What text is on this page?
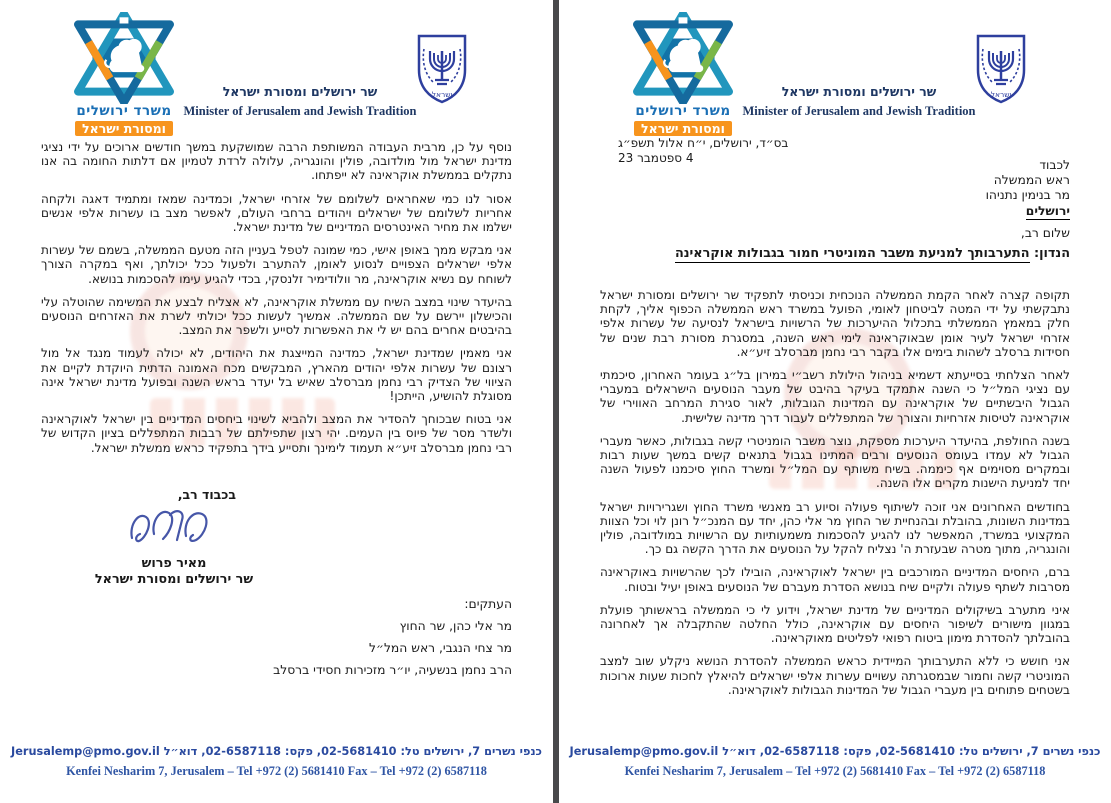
משרד ירושלים
ומסורת ישראל
שר ירושלים ומסורת ישראל
Minister of Jerusalem and Jewish Tradition
ישראל

נוסף על כן, מרבית העבודה המשותפת הרבה שמושקעת במשך חודשים ארוכים על ידי נציגי מדינת ישראל מול מולדובה, פולין והונגריה, עלולה לרדת לטמיון אם דלתות החומה בה אנו נתקלים בממשלת אוקראינה לא ייפתחו.

אסור לנו כמי שאחראים לשלומם של אזרחי ישראל, וכמדינה שמאז ומתמיד דאגה ולקחה אחריות לשלומם של ישראלים ויהודים ברחבי העולם, לאפשר מצב בו עשרות אלפי אנשים ישלמו את מחיר האינטרסים המדיניים של מדינת ישראל.

אני מבקש ממך באופן אישי, כמי שמונה לטפל בעניין הזה מטעם הממשלה, בשמם של עשרות אלפי ישראלים הצפויים לנסוע לאומן, להתערב ולפעול ככל יכולתך, ואף במקרה הצורך לשוחח עם נשיא אוקראינה, מר וולודימיר זלנסקי, בכדי להגיע עימו להסכמות בנושא.

בהיעדר שינוי במצב השיח עם ממשלת אוקראינה, לא אצליח לבצע את המשימה שהוטלה עלי והכישלון יירשם על שם הממשלה. אמשיך לעשות ככל יכולתי לשרת את האזרחים הנוסעים בהיבטים אחרים בהם יש לי את האפשרות לסייע ולשפר את המצב.

אני מאמין שמדינת ישראל, כמדינה המייצגת את היהודים, לא יכולה לעמוד מנגד אל מול רצונם של עשרות אלפי יהודים מהארץ, המבקשים מכח האמונה הדתית היוקדת לקיים את הציווי של הצדיק רבי נחמן מברסלב שאיש בל יעדר בראש השנה ובפועל מדינת ישראל אינה מסוגלת להושיע, הייתכן!

אני בטוח שבכוחך להסדיר את המצב ולהביא לשינוי ביחסים המדיניים בין ישראל לאוקראינה ולשדר מסר של פיוס בין העמים. יהי רצון שתפילתם של רבבות המתפללים בציון הקדוש של רבי נחמן מברסלב זיע״א תעמוד לימינך ותסייע בידך בתפקיד כראש ממשלת ישראל.

בכבוד רב,
מאיר פרוש
שר ירושלים ומסורת ישראל
העתקים:
מר אלי כהן, שר החוץ
מר צחי הנגבי, ראש המל״ל
הרב נחמן בנשעיה, יו״ר מזכירות חסידי ברסלב
כנפי נשרים 7, ירושלים טל: 02-5681410, פקס: 02-6587118, דוא״ל Jerusalemp@pmo.gov.il
Kenfei Nesharim 7, Jerusalem – Tel +972 (2) 5681410 Fax – Tel +972 (2) 6587118
משרד ירושלים
ומסורת ישראל
שר ירושלים ומסורת ישראל
Minister of Jerusalem and Jewish Tradition
ישראל
בס״ד, ירושלים, י״ח אלול תשפ״ג
4 ספטמבר 23	לכבוד
ראש הממשלה
מר בנימין נתניהו
ירושלים
שלום רב,
הנדון: התערבותך למניעת משבר המוניטרי חמור בגבולות אוקראינה

תקופה קצרה לאחר הקמת הממשלה הנוכחית וכניסתי לתפקיד שר ירושלים ומסורת ישראל נתבקשתי על ידי המטה לביטחון לאומי, הפועל במשרד ראש הממשלה הכפוף אליך, לקחת חלק במאמץ הממשלתי בתכלול ההיערכות של הרשויות בישראל לנסיעה של עשרות אלפי אזרחי ישראל לעיר אומן שבאוקראינה לימי ראש השנה, במסגרת מסורת רבת שנים של חסידות ברסלב לשהות בימים אלו בקבר רבי נחמן מברסלב זיע״א.

לאחר הצלחתי בסייעתא דשמיא בניהול הילולת רשב״י במירון בל״ג בעומר האחרון, סיכמתי עם נציגי המל״ל כי השנה אתמקד בעיקר בהיבט של מעבר הנוסעים הישראלים במעברי הגבול היבשתיים של אוקראינה עם המדינות הגובלות, לאור סגירת המרחב האווירי של אוקראינה לטיסות אזרחיות והצורך של המתפללים לעבור דרך מדינה שלישית.

בשנה החולפת, בהיעדר היערכות מספקת, נוצר משבר הומניטרי קשה בגבולות, כאשר מעברי הגבול לא עמדו בעומס הנוסעים ורבים המתינו בגבול בתנאים קשים במשך שעות רבות ובמקרים מסוימים אף כיממה. בשיח משותף עם המל״ל ומשרד החוץ סיכמנו לפעול השנה יחד למניעת הישנות מקרים אלו השנה.

בחודשים האחרונים אני זוכה לשיתוף פעולה וסיוע רב מאנשי משרד החוץ ושגרירויות ישראל במדינות השונות, בהובלת ובהנחיית שר החוץ מר אלי כהן, יחד עם המנכ״ל רונן לוי וכל הצוות המקצועי במשרד, המאפשר לנו להגיע להסכמות משמעותיות עם הרשויות במולדובה, פולין והונגריה, מתוך מטרה שבעזרת ה' נצליח להקל על הנוסעים את הדרך הקשה גם כך.

ברם, היחסים המדיניים המורכבים בין ישראל לאוקראינה, הובילו לכך שהרשויות באוקראינה מסרבות לשתף פעולה ולקיים שיח בנושא הסדרת מעברם של הנוסעים באופן יעיל ובטוח.

איני מתערב בשיקולים המדיניים של מדינת ישראל, וידוע לי כי הממשלה בראשותך פועלת במגוון מישורים לשיפור היחסים עם אוקראינה, כולל החלטה שהתקבלה אך לאחרונה בהובלתך להסדרת מימון ביטוח רפואי לפליטים מאוקראינה.

אני חושש כי ללא התערבותך המיידית כראש הממשלה להסדרת הנושא ניקלע שוב למצב המוניטרי קשה וחמור שבמסגרתה עשויים עשרות אלפי ישראלים להיאלץ לחכות שעות ארוכות בשטחים פתוחים בין מעברי הגבול של המדינות הגבולות לאוקראינה.

כנפי נשרים 7, ירושלים טל: 02-5681410, פקס: 02-6587118, דוא״ל Jerusalemp@pmo.gov.il
Kenfei Nesharim 7, Jerusalem – Tel +972 (2) 5681410 Fax – Tel +972 (2) 6587118
